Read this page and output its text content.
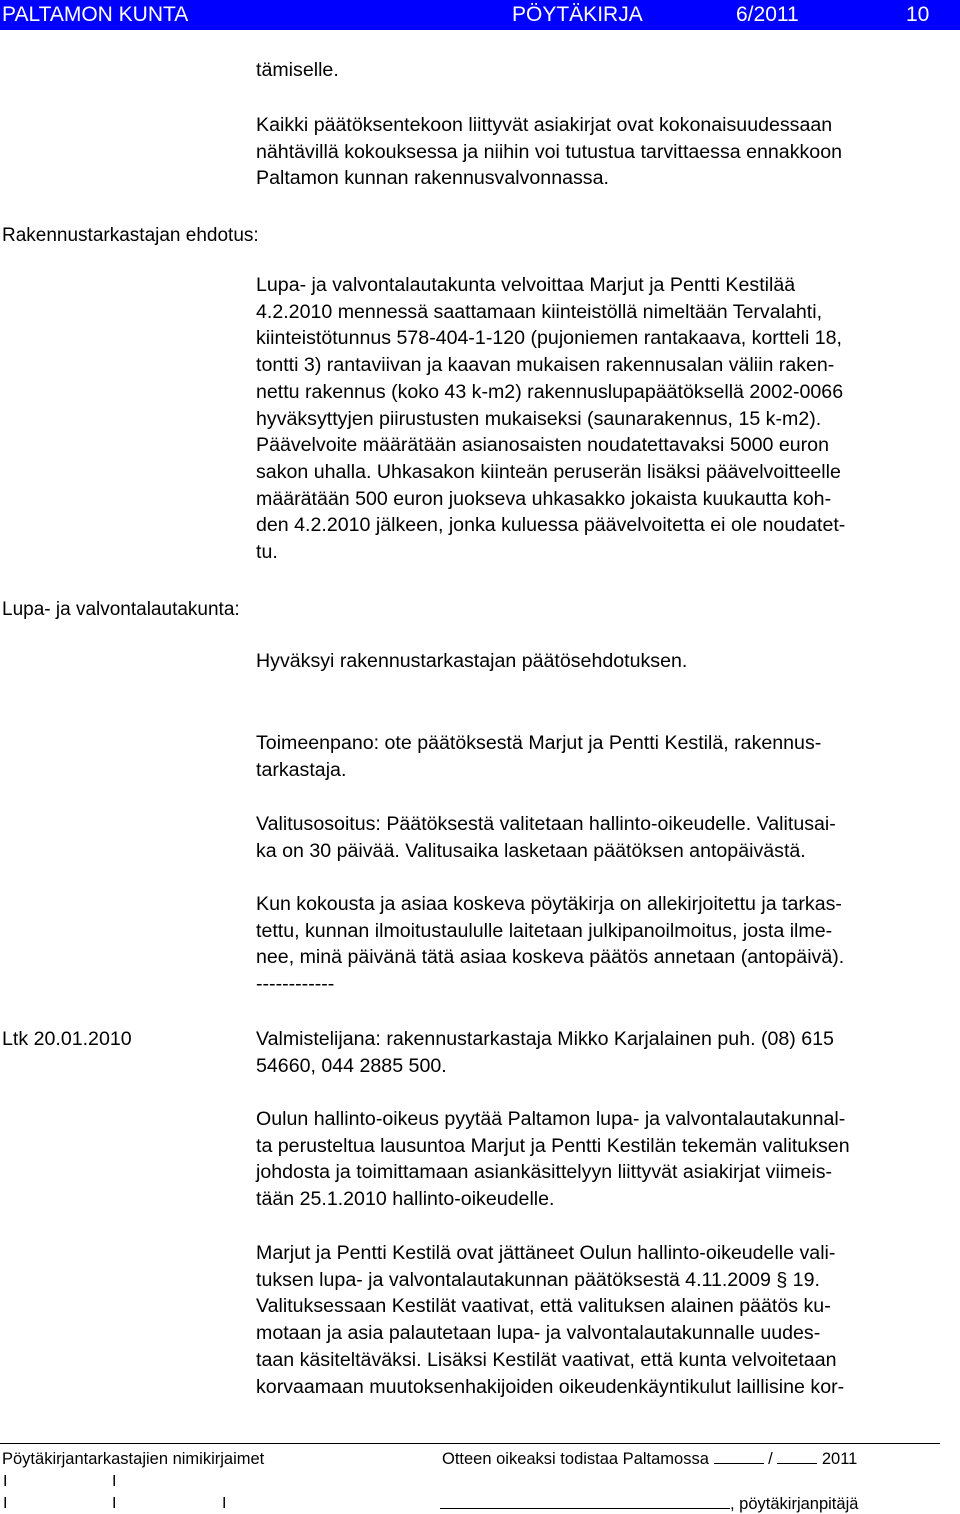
PALTAMON KUNTA	PÖYTÄKIRJA	6/2011	10
tämiselle.
Kaikki päätöksentekoon liittyvät asiakirjat ovat kokonaisuudessaan
nähtävillä kokouksessa ja niihin voi tutustua tarvittaessa ennakkoon
Paltamon kunnan rakennusvalvonnassa.
Rakennustarkastajan ehdotus:
Lupa- ja valvontalautakunta velvoittaa Marjut ja Pentti Kestilää
4.2.2010 mennessä saattamaan kiinteistöllä nimeltään Tervalahti,
kiinteistötunnus 578-404-1-120 (pujoniemen rantakaava, kortteli 18,
tontti 3) rantaviivan ja kaavan mukaisen rakennusalan väliin raken-
nettu rakennus (koko 43 k-m2) rakennuslupapäätöksellä 2002-0066
hyväksyttyjen piirustusten mukaiseksi (saunarakennus, 15 k-m2).
Päävelvoite määrätään asianosaisten noudatettavaksi 5000 euron
sakon uhalla. Uhkasakon kiinteän peruserän lisäksi päävelvoitteelle
määrätään 500 euron juokseva uhkasakko jokaista kuukautta koh-
den 4.2.2010 jälkeen, jonka kuluessa päävelvoitetta ei ole noudatet-
tu.
Lupa- ja valvontalautakunta:
Hyväksyi rakennustarkastajan päätösehdotuksen.
Toimeenpano: ote päätöksestä Marjut ja Pentti Kestilä, rakennus-
tarkastaja.
Valitusosoitus: Päätöksestä valitetaan hallinto-oikeudelle. Valitusai-
ka on 30 päivää. Valitusaika lasketaan päätöksen antopäivästä.
Kun kokousta ja asiaa koskeva pöytäkirja on allekirjoitettu ja tarkas-
tettu, kunnan ilmoitustaululle laitetaan julkipanoilmoitus, josta ilme-
nee, minä päivänä tätä asiaa koskeva päätös annetaan (antopäivä).
------------
Ltk 20.01.2010	Valmistelijana: rakennustarkastaja Mikko Karjalainen puh. (08) 615
54660, 044 2885 500.
Oulun hallinto-oikeus pyytää Paltamon lupa- ja valvontalautakunnal-
ta perusteltua lausuntoa Marjut ja Pentti Kestilän tekemän valituksen
johdosta ja toimittamaan asiankäsittelyyn liittyvät asiakirjat viimeis-
tään 25.1.2010 hallinto-oikeudelle.
Marjut ja Pentti Kestilä ovat jättäneet Oulun hallinto-oikeudelle vali-
tuksen lupa- ja valvontalautakunnan päätöksestä 4.11.2009 § 19.
Valituksessaan Kestilät vaativat, että valituksen alainen päätös ku-
motaan ja asia palautetaan lupa- ja valvontalautakunnalle uudes-
taan käsiteltäväksi. Lisäksi Kestilät vaativat, että kunta velvoitetaan
korvaamaan muutoksenhakijoiden oikeudenkäyntikulut laillisine kor-
Pöytäkirjantarkastajien nimikirjaimet	Otteen oikeaksi todistaa Paltamossa	/	2011
I	I
I	I	I	, pöytäkirjanpitäjä
